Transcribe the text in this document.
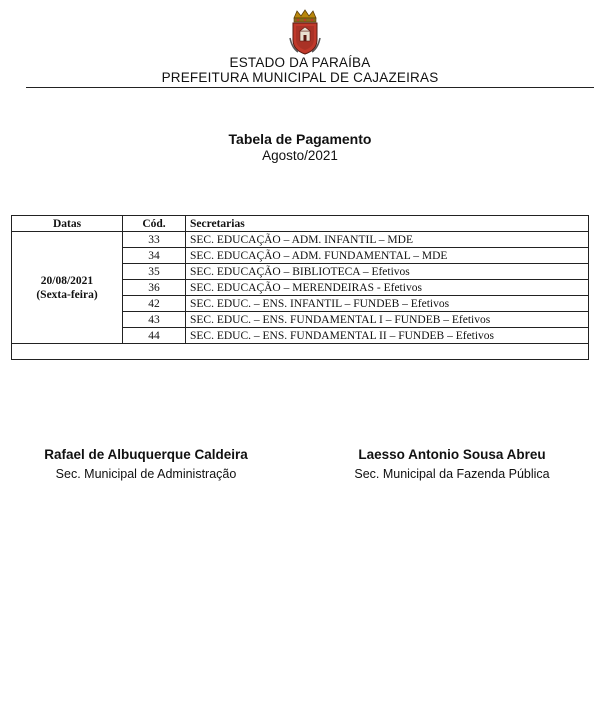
ESTADO DA PARAÍBA
PREFEITURA MUNICIPAL DE CAJAZEIRAS
Tabela de Pagamento
Agosto/2021
Datas	Cód.	Secretarias

20/08/2021
(Sexta-feira)	33	SEC. EDUCAÇÃO – ADM. INFANTIL – MDE
	34	SEC. EDUCAÇÃO – ADM. FUNDAMENTAL – MDE
	35	SEC. EDUCAÇÃO – BIBLIOTECA – Efetivos
	36	SEC. EDUCAÇÃO – MERENDEIRAS - Efetivos
	42	SEC. EDUC. – ENS. INFANTIL – FUNDEB – Efetivos
	43	SEC. EDUC. – ENS. FUNDAMENTAL I – FUNDEB – Efetivos
	44	SEC. EDUC. – ENS. FUNDAMENTAL II – FUNDEB – Efetivos

Rafael de Albuquerque Caldeira
Sec. Municipal de Administração
Laesso Antonio Sousa Abreu
Sec. Municipal da Fazenda Pública
